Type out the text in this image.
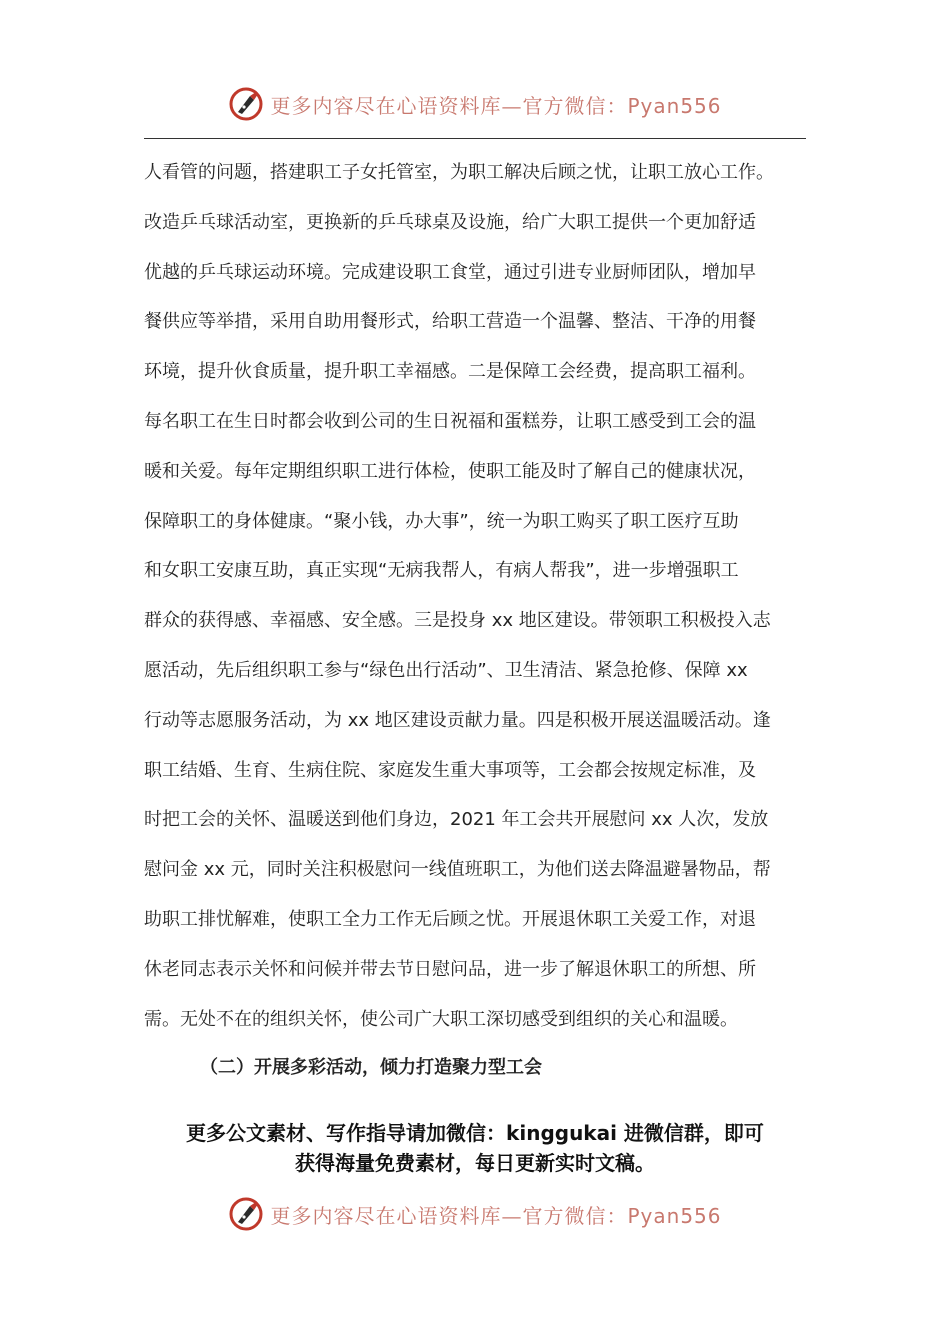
更多内容尽在心语资料库—官方微信：Pyan556
人看管的问题，搭建职工子女托管室，为职工解决后顾之忧，让职工放心工作。
改造乒乓球活动室，更换新的乒乓球桌及设施，给广大职工提供一个更加舒适
优越的乒乓球运动环境。完成建设职工食堂，通过引进专业厨师团队，增加早
餐供应等举措，采用自助用餐形式，给职工营造一个温馨、整洁、干净的用餐
环境，提升伙食质量，提升职工幸福感。二是保障工会经费，提高职工福利。
每名职工在生日时都会收到公司的生日祝福和蛋糕券，让职工感受到工会的温
暖和关爱。每年定期组织职工进行体检，使职工能及时了解自己的健康状况，
保障职工的身体健康。“聚小钱，办大事”，统一为职工购买了职工医疗互助
和女职工安康互助，真正实现“无病我帮人，有病人帮我”，进一步增强职工
群众的获得感、幸福感、安全感。三是投身 xx 地区建设。带领职工积极投入志
愿活动，先后组织职工参与“绿色出行活动”、卫生清洁、紧急抢修、保障 xx
行动等志愿服务活动，为 xx 地区建设贡献力量。四是积极开展送温暖活动。逢
职工结婚、生育、生病住院、家庭发生重大事项等，工会都会按规定标准，及
时把工会的关怀、温暖送到他们身边，2021 年工会共开展慰问 xx 人次，发放
慰问金 xx 元，同时关注积极慰问一线值班职工，为他们送去降温避暑物品，帮
助职工排忧解难，使职工全力工作无后顾之忧。开展退休职工关爱工作，对退
休老同志表示关怀和问候并带去节日慰问品，进一步了解退休职工的所想、所
需。无处不在的组织关怀，使公司广大职工深切感受到组织的关心和温暖。
（二）开展多彩活动，倾力打造聚力型工会
更多公文素材、写作指导请加微信：kinggukai 进微信群，即可
获得海量免费素材，每日更新实时文稿。
更多内容尽在心语资料库—官方微信：Pyan556
